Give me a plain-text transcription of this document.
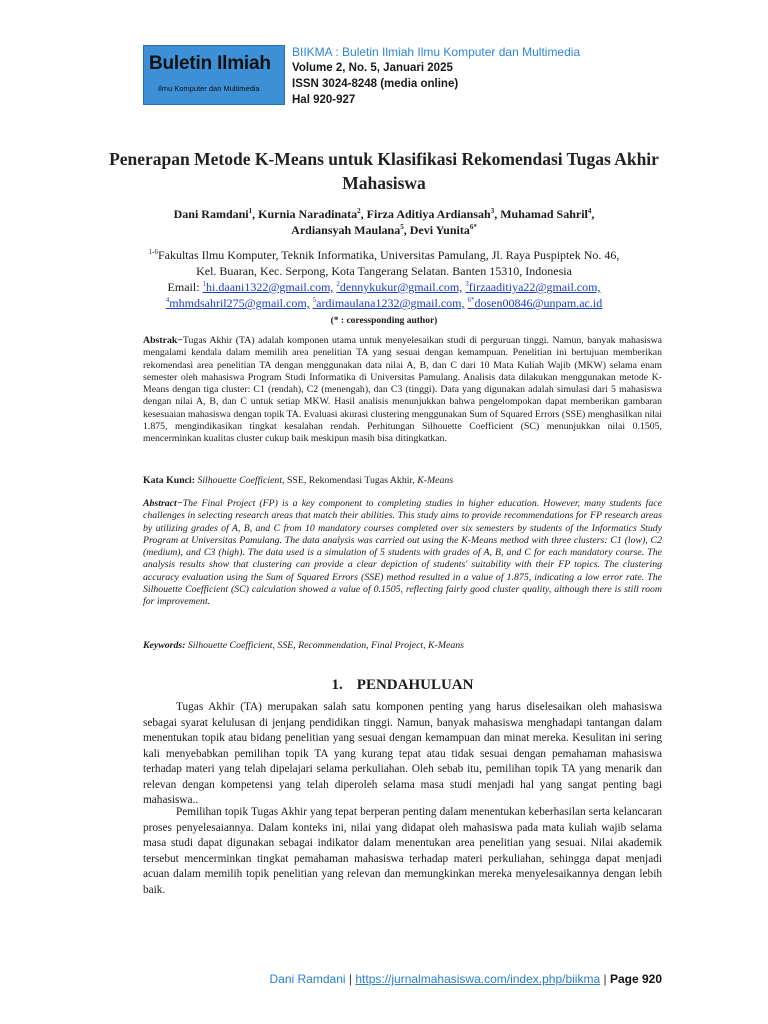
Buletin Ilmiah
Ilmu Komputer dan Multimedia
BIIKMA : Buletin Ilmiah Ilmu Komputer dan Multimedia
Volume 2, No. 5, Januari 2025
ISSN 3024-8248 (media online)
Hal 920-927
Penerapan Metode K-Means untuk Klasifikasi Rekomendasi Tugas Akhir Mahasiswa
Dani Ramdani$^1$, Kurnia Naradinata$^2$, Firza Aditiya Ardiansah$^3$, Muhamad Sahril$^4$,
Ardiansyah Maulana$^5$, Devi Yunita$^{6*}$
$^{1-6}$Fakultas Ilmu Komputer, Teknik Informatika, Universitas Pamulang, Jl. Raya Puspiptek No. 46,
Kel. Buaran, Kec. Serpong, Kota Tangerang Selatan. Banten 15310, Indonesia
Email: $^1$hi.daani1322@gmail.com, $^2$dennykukur@gmail.com, $^3$firzaaditiya22@gmail.com,
$^4$mhmdsahril275@gmail.com, $^5$ardimaulana1232@gmail.com, $^{6*}$dosen00846@unpam.ac.id
(* : coressponding author)
Abstrak−Tugas Akhir (TA) adalah komponen utama untuk menyelesaikan studi di perguruan tinggi. Namun, banyak mahasiswa mengalami kendala dalam memilih area penelitian TA yang sesuai dengan kemampuan. Penelitian ini bertujuan memberikan rekomendasi area penelitian TA dengan menggunakan data nilai A, B, dan C dari 10 Mata Kuliah Wajib (MKW) selama enam semester oleh mahasiswa Program Studi Informatika di Universitas Pamulang. Analisis data dilakukan menggunakan metode K-Means dengan tiga cluster: C1 (rendah), C2 (menengah), dan C3 (tinggi). Data yang digunakan adalah simulasi dari 5 mahasiswa dengan nilai A, B, dan C untuk setiap MKW. Hasil analisis menunjukkan bahwa pengelompokan dapat memberikan gambaran kesesuaian mahasiswa dengan topik TA. Evaluasi akurasi clustering menggunakan Sum of Squared Errors (SSE) menghasilkan nilai 1.875, mengindikasikan tingkat kesalahan rendah. Perhitungan Silhouette Coefficient (SC) menunjukkan nilai 0.1505, mencerminkan kualitas cluster cukup baik meskipun masih bisa ditingkatkan.
Kata Kunci: Silhouette Coefficient, SSE, Rekomendasi Tugas Akhir, K-Means
Abstract−The Final Project (FP) is a key component to completing studies in higher education. However, many students face challenges in selecting research areas that match their abilities. This study aims to provide recommendations for FP research areas by utilizing grades of A, B, and C from 10 mandatory courses completed over six semesters by students of the Informatics Study Program at Universitas Pamulang. The data analysis was carried out using the K-Means method with three clusters: C1 (low), C2 (medium), and C3 (high). The data used is a simulation of 5 students with grades of A, B, and C for each mandatory course. The analysis results show that clustering can provide a clear depiction of students' suitability with their FP topics. The clustering accuracy evaluation using the Sum of Squared Errors (SSE) method resulted in a value of 1.875, indicating a low error rate. The Silhouette Coefficient (SC) calculation showed a value of 0.1505, reflecting fairly good cluster quality, although there is still room for improvement.
Keywords: Silhouette Coefficient, SSE, Recommendation, Final Project, K-Means
1. PENDAHULUAN
Tugas Akhir (TA) merupakan salah satu komponen penting yang harus diselesaikan oleh mahasiswa sebagai syarat kelulusan di jenjang pendidikan tinggi. Namun, banyak mahasiswa menghadapi tantangan dalam menentukan topik atau bidang penelitian yang sesuai dengan kemampuan dan minat mereka. Kesulitan ini sering kali menyebabkan pemilihan topik TA yang kurang tepat atau tidak sesuai dengan pemahaman mahasiswa terhadap materi yang telah dipelajari selama perkuliahan. Oleh sebab itu, pemilihan topik TA yang menarik dan relevan dengan kompetensi yang telah diperoleh selama masa studi menjadi hal yang sangat penting bagi mahasiswa..
Pemilihan topik Tugas Akhir yang tepat berperan penting dalam menentukan keberhasilan serta kelancaran proses penyelesaiannya. Dalam konteks ini, nilai yang didapat oleh mahasiswa pada mata kuliah wajib selama masa studi dapat digunakan sebagai indikator dalam menentukan area penelitian yang sesuai. Nilai akademik tersebut mencerminkan tingkat pemahaman mahasiswa terhadap materi perkuliahan, sehingga dapat menjadi acuan dalam memilih topik penelitian yang relevan dan memungkinkan mereka menyelesaikannya dengan lebih baik.
Dani Ramdani | https://jurnalmahasiswa.com/index.php/biikma | Page 920
